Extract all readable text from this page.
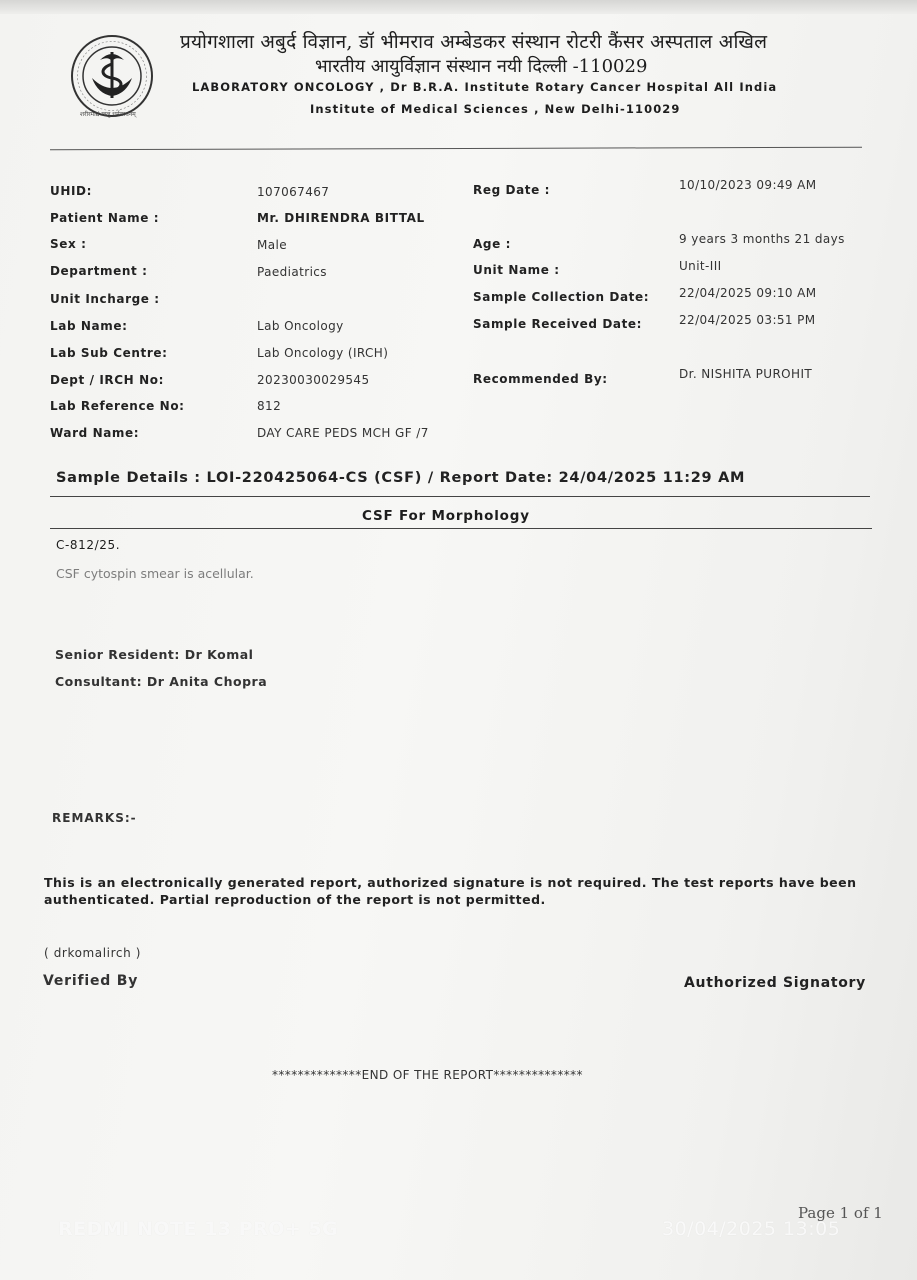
शरीरमाद्यं खलु धर्मसाधनम्
प्रयोगशाला अबुर्द विज्ञान, डॉ भीमराव अम्बेडकर संस्थान रोटरी कैंसर अस्पताल अखिल
भारतीय आयुर्विज्ञान संस्थान नयी दिल्ली -110029
LABORATORY ONCOLOGY , Dr B.R.A. Institute Rotary Cancer Hospital All India
Institute of Medical Sciences , New Delhi-110029
UHID:
Patient Name :
Sex :
Department :
Unit Incharge :
Lab Name:
Lab Sub Centre:
Dept / IRCH No:
Lab Reference No:
Ward Name:
107067467
Mr. DHIRENDRA BITTAL
Male
Paediatrics
Lab Oncology
Lab Oncology (IRCH)
20230030029545
812
DAY CARE PEDS MCH GF /7
Reg Date :
Age :
Unit Name :
Sample Collection Date:
Sample Received Date:
Recommended By:
10/10/2023 09:49 AM
9 years 3 months 21 days
Unit-III
22/04/2025 09:10 AM
22/04/2025 03:51 PM
Dr. NISHITA PUROHIT
Sample Details : LOI-220425064-CS (CSF) / Report Date: 24/04/2025 11:29 AM
CSF For Morphology
C-812/25.
CSF cytospin smear is acellular.
Senior Resident: Dr Komal
Consultant: Dr Anita Chopra
REMARKS:-
This is an electronically generated report, authorized signature is not required. The test reports have been authenticated. Partial reproduction of the report is not permitted.
( drkomalirch )
Verified By	Authorized Signatory
**************END OF THE REPORT**************
Page 1 of 1
REDMI NOTE 13 PRO+ 5G	30/04/2025 13:05
